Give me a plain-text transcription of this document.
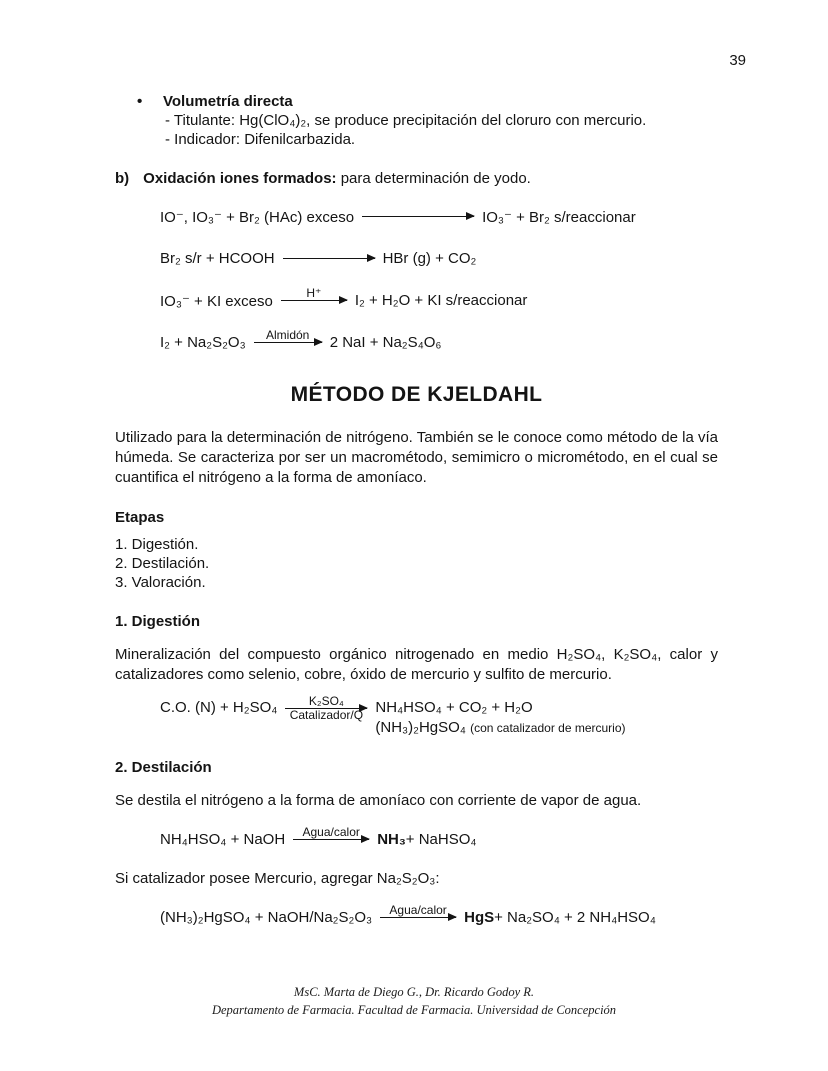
39
•	Volumetría directa
- Titulante: Hg(ClO₄)₂, se produce precipitación del cloruro con mercurio.
- Indicador: Difenilcarbazida.

b) Oxidación iones formados: para determinación de yodo.

IO⁻, IO₃⁻ + Br₂ (HAc) exceso	IO₃⁻ + Br₂ s/reaccionar
Br₂ s/r + HCOOH	HBr (g) + CO₂
IO₃⁻ + KI exceso	H⁺ I₂ + H₂O + KI s/reaccionar
I₂ + Na₂S₂O₃ Almidón 2 NaI + Na₂S₄O₆
MÉTODO DE KJELDAHL

Utilizado para la determinación de nitrógeno. También se le conoce como método de la vía húmeda. Se caracteriza por ser un macrométodo, semimicro o micrométodo, en el cual se cuantifica el nitrógeno a la forma de amoníaco.

Etapas

1. Digestión.
2. Destilación.
3. Valoración.

1. Digestión

Mineralización del compuesto orgánico nitrogenado en medio H₂SO₄, K₂SO₄, calor y catalizadores como selenio, cobre, óxido de mercurio y sulfito de mercurio.

C.O. (N) + H₂SO₄	K₂SO₄
Catalizador/Q NH₄HSO₄ + CO₂ + H₂O
(NH₃)₂HgSO₄ (con catalizador de mercurio)

2. Destilación

Se destila el nitrógeno a la forma de amoníaco con corriente de vapor de agua.

NH₄HSO₄ + NaOH Agua/calor NH₃ + NaHSO₄

Si catalizador posee Mercurio, agregar Na₂S₂O₃:

(NH₃)₂HgSO₄ + NaOH/Na₂S₂O₃ Agua/calor HgS + Na₂SO₄ + 2 NH₄HSO₄
MsC. Marta de Diego G., Dr. Ricardo Godoy R.
Departamento de Farmacia. Facultad de Farmacia. Universidad de Concepción
